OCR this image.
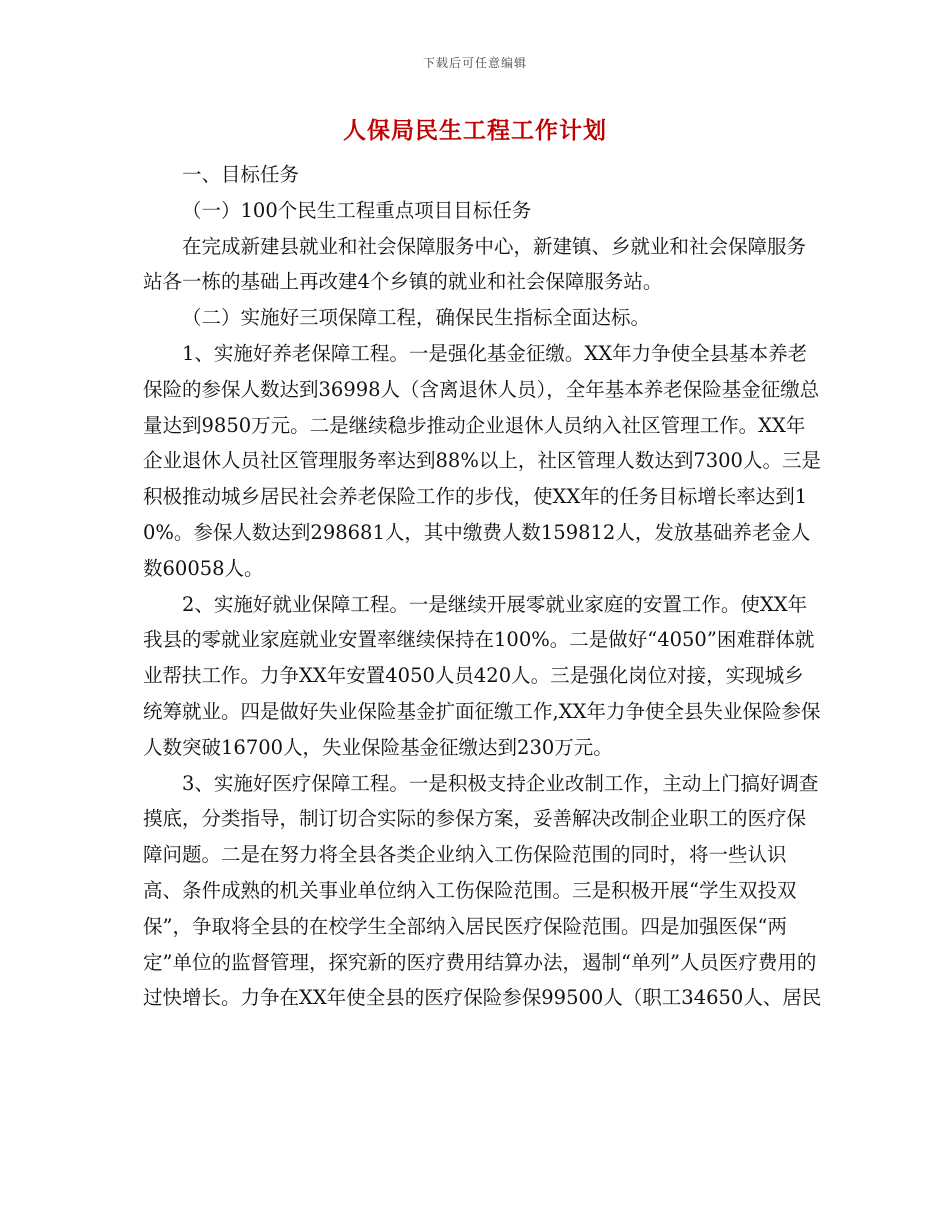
下载后可任意编辑
人保局民生工程工作计划

一、目标任务

（一）100个民生工程重点项目目标任务

在完成新建县就业和社会保障服务中心，新建镇、乡就业和社会保障服务站各一栋的基础上再改建4个乡镇的就业和社会保障服务站。

（二）实施好三项保障工程，确保民生指标全面达标。

1、实施好养老保障工程。一是强化基金征缴。XX年力争使全县基本养老保险的参保人数达到36998人（含离退休人员），全年基本养老保险基金征缴总量达到9850万元。二是继续稳步推动企业退休人员纳入社区管理工作。XX年企业退休人员社区管理服务率达到88%以上，社区管理人数达到7300人。三是积极推动城乡居民社会养老保险工作的步伐，使XX年的任务目标增长率达到10%。参保人数达到298681人，其中缴费人数159812人，发放基础养老金人数60058人。

2、实施好就业保障工程。一是继续开展零就业家庭的安置工作。使XX年我县的零就业家庭就业安置率继续保持在100%。二是做好“4050”困难群体就业帮扶工作。力争XX年安置4050人员420人。三是强化岗位对接，实现城乡统筹就业。四是做好失业保险基金扩面征缴工作,XX年力争使全县失业保险参保人数突破16700人，失业保险基金征缴达到230万元。

3、实施好医疗保障工程。一是积极支持企业改制工作，主动上门搞好调查摸底，分类指导，制订切合实际的参保方案，妥善解决改制企业职工的医疗保障问题。二是在努力将全县各类企业纳入工伤保险范围的同时，将一些认识高、条件成熟的机关事业单位纳入工伤保险范围。三是积极开展“学生双投双保”，争取将全县的在校学生全部纳入居民医疗保险范围。四是加强医保“两定”单位的监督管理，探究新的医疗费用结算办法，遏制“单列”人员医疗费用的过快增长。力争在XX年使全县的医疗保险参保99500人（职工34650人、居民
